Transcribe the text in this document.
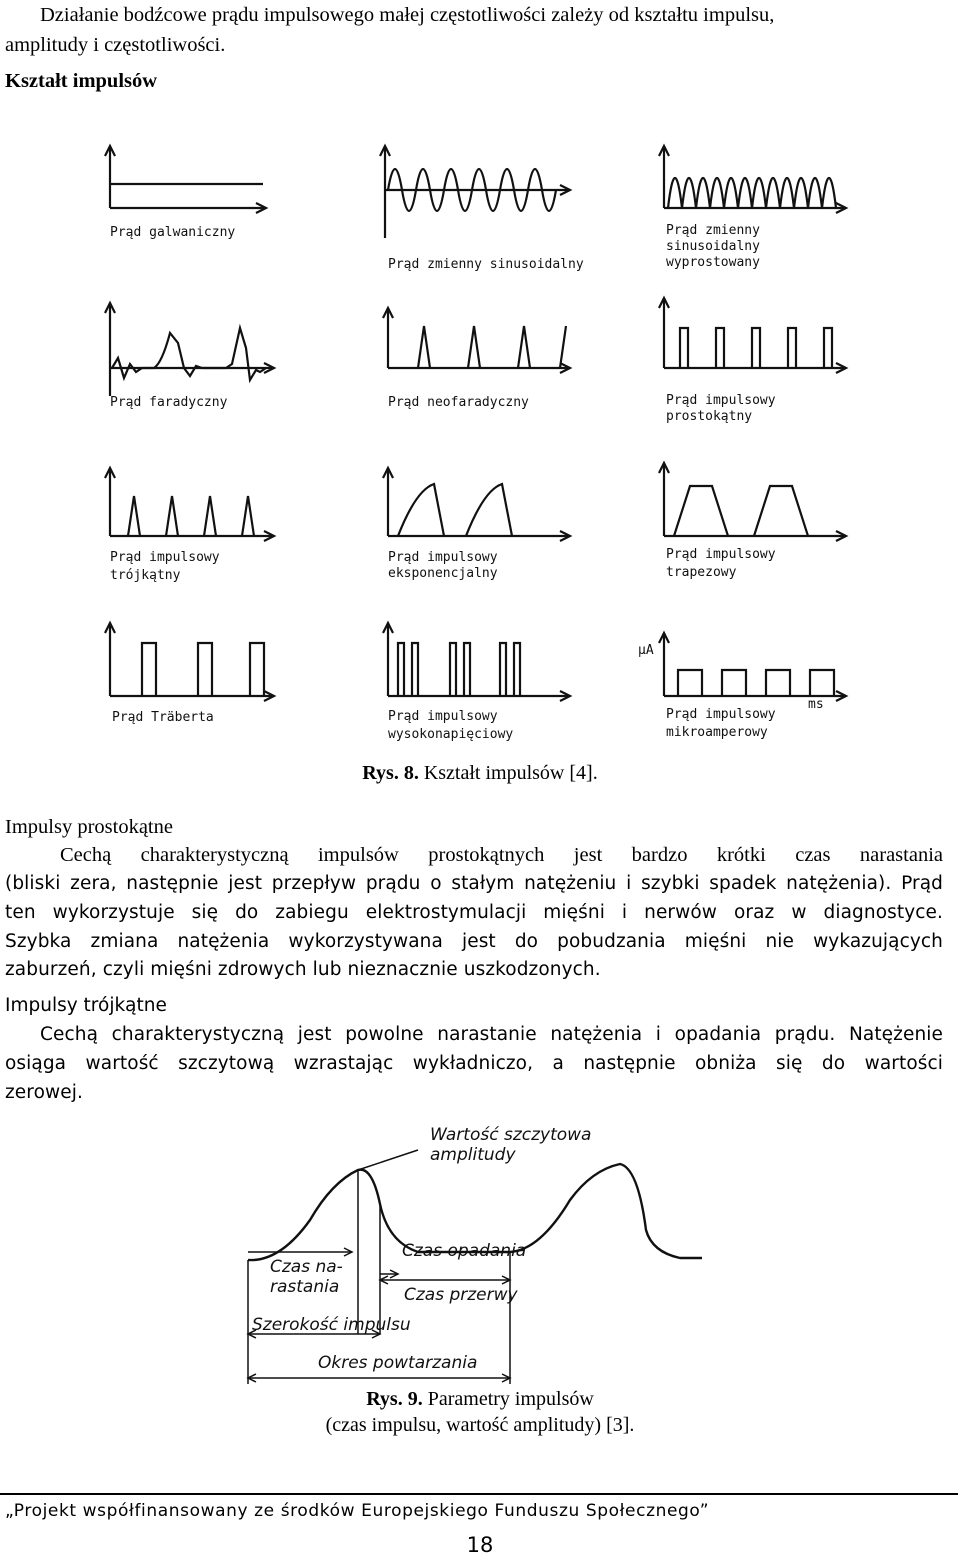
Działanie bodźcowe prądu impulsowego małej częstotliwości zależy od kształtu impulsu,
amplitudy i częstotliwości.
Kształt impulsów
Prąd galwaniczny
Prąd zmienny sinusoidalny
Prąd zmienny
sinusoidalny
wyprostowany
Prąd faradyczny	Prąd neofaradyczny	Prąd impulsowy
prostokątny
Prąd impulsowy
trójkątny
Prąd impulsowy
eksponencjalny
Prąd impulsowy
trapezowy
Prąd Träberta	Prąd impulsowy
wysokonapięciowy
Prąd impulsowy
mikroamperowy
μA
ms
Rys. 8. Kształt impulsów [4].
Impulsy prostokątne
Cechą charakterystyczną impulsów prostokątnych jest bardzo krótki czas narastania
(bliski zera, następnie jest przepływ prądu o stałym natężeniu i szybki spadek natężenia). Prąd
ten wykorzystuje się do zabiegu elektrostymulacji mięśni i nerwów oraz w diagnostyce.
Szybka zmiana natężenia wykorzystywana jest do pobudzania mięśni nie wykazujących
zaburzeń, czyli mięśni zdrowych lub nieznacznie uszkodzonych.
Impulsy trójkątne
Cechą charakterystyczną jest powolne narastanie natężenia i opadania prądu. Natężenie
osiąga wartość szczytową wzrastając wykładniczo, a następnie obniża się do wartości
zerowej.
Wartość szczytowa
amplitudy
Czas opadania
Czas na-
rastania	Czas przerwy
Szerokość impulsu
Okres powtarzania
Rys. 9. Parametry impulsów
(czas impulsu, wartość amplitudy) [3].
„Projekt współfinansowany ze środków Europejskiego Funduszu Społecznego”
18
